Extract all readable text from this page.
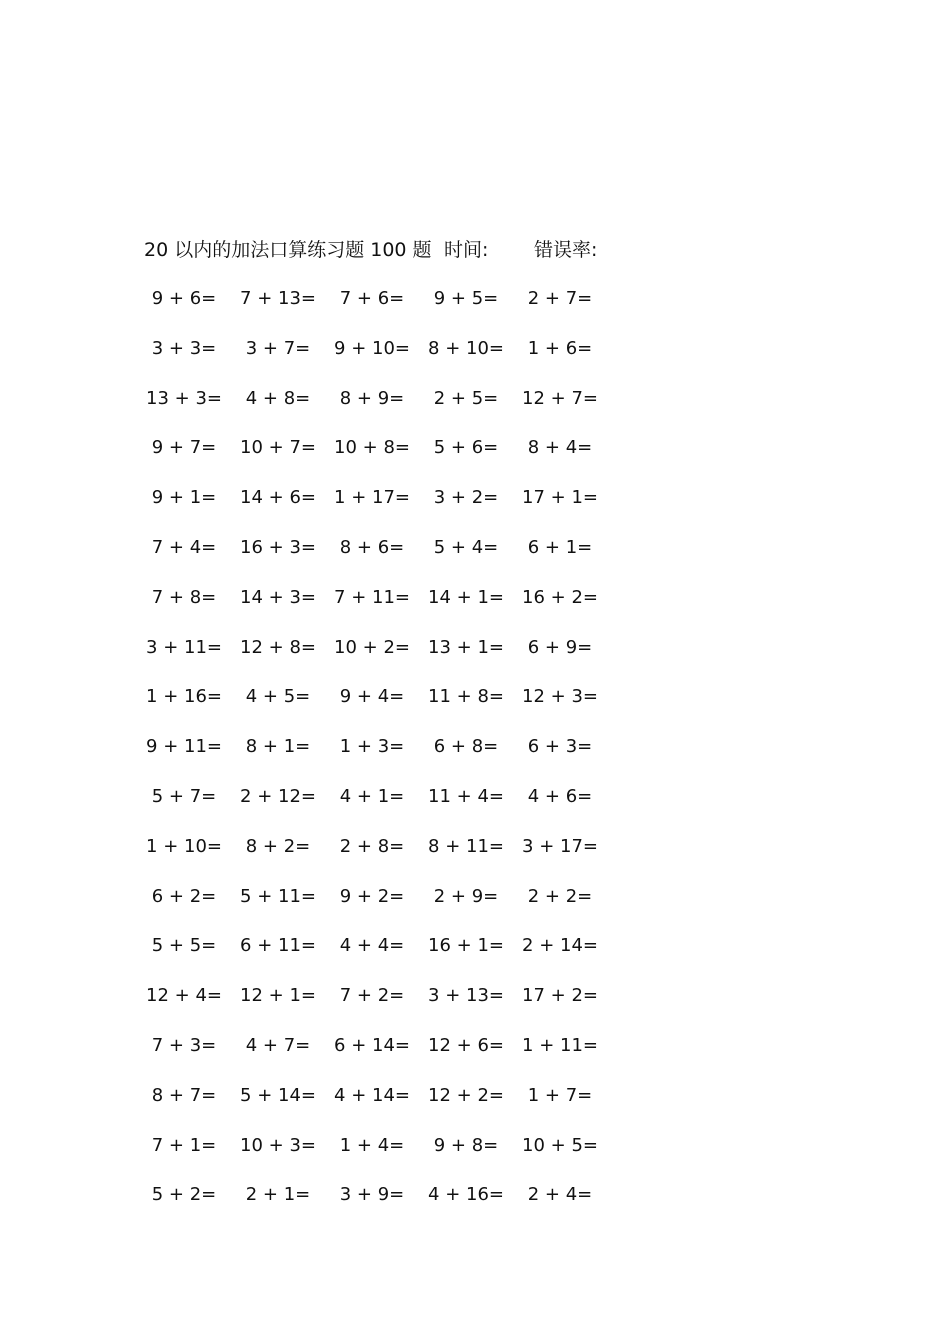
20 以内的加法口算练习题 100 题 时间: 错误率:
9 + 6=	7 + 13=	7 + 6=	9 + 5=	2 + 7=
3 + 3=	3 + 7=	9 + 10=	8 + 10=	1 + 6=
13 + 3=	4 + 8=	8 + 9=	2 + 5=	12 + 7=
9 + 7=	10 + 7=	10 + 8=	5 + 6=	8 + 4=
9 + 1=	14 + 6=	1 + 17=	3 + 2=	17 + 1=
7 + 4=	16 + 3=	8 + 6=	5 + 4=	6 + 1=
7 + 8=	14 + 3=	7 + 11=	14 + 1=	16 + 2=
3 + 11=	12 + 8=	10 + 2=	13 + 1=	6 + 9=
1 + 16=	4 + 5=	9 + 4=	11 + 8=	12 + 3=
9 + 11=	8 + 1=	1 + 3=	6 + 8=	6 + 3=
5 + 7=	2 + 12=	4 + 1=	11 + 4=	4 + 6=
1 + 10=	8 + 2=	2 + 8=	8 + 11=	3 + 17=
6 + 2=	5 + 11=	9 + 2=	2 + 9=	2 + 2=
5 + 5=	6 + 11=	4 + 4=	16 + 1=	2 + 14=
12 + 4=	12 + 1=	7 + 2=	3 + 13=	17 + 2=
7 + 3=	4 + 7=	6 + 14=	12 + 6=	1 + 11=
8 + 7=	5 + 14=	4 + 14=	12 + 2=	1 + 7=
7 + 1=	10 + 3=	1 + 4=	9 + 8=	10 + 5=
5 + 2=	2 + 1=	3 + 9=	4 + 16=	2 + 4=
